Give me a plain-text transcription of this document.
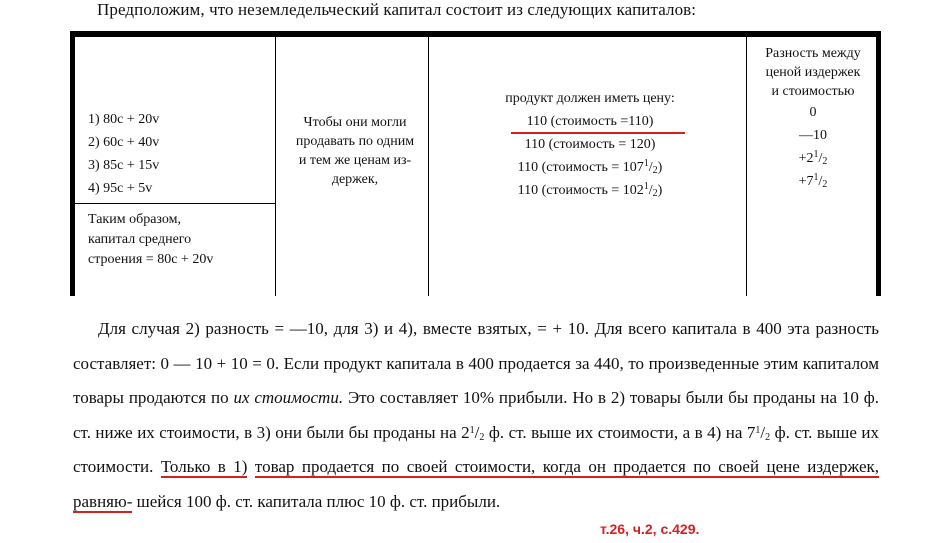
Предположим, что неземледельческий капитал состоит из следующих капиталов:
1) 80c + 20v
2) 60c + 40v
3) 85c + 15v
4) 95c + 5v
Таким образом,
капитал среднего
строения = 80c + 20v
Чтобы они могли
продавать по одним
и тем же ценам из-
держек,
продукт должен иметь цену:
110 (стоимость =110)
110 (стоимость = 120)
110 (стоимость = $107^1/_2$)
110 (стоимость = $102^1/_2$)
Разность между
ценой издержек
и стоимостью
0
—10
$+2^1/_2$
$+7^1/_2$

Для случая 2) разность = —10, для 3) и 4), вместе взятых, = + 10. Для всего капитала в 400 эта разность составляет: 0 — 10 + 10 = 0. Если продукт капитала в 400 продается за 440, то произведенные этим капиталом товары продаются по их стоимости. Это составляет 10% прибыли. Но в 2) товары были бы проданы на 10 ф. ст. ниже их стоимости, в 3) они были бы проданы на $2^1/_2$ ф. ст. выше их стоимости, а в 4) на $7^1/_2$ ф. ст. выше их стоимости. Только в 1) товар продается по своей стоимости, когда он продается по своей цене издержек, равняю- шейся 100 ф. ст. капитала плюс 10 ф. ст. прибыли.

т.26, ч.2, с.429.
